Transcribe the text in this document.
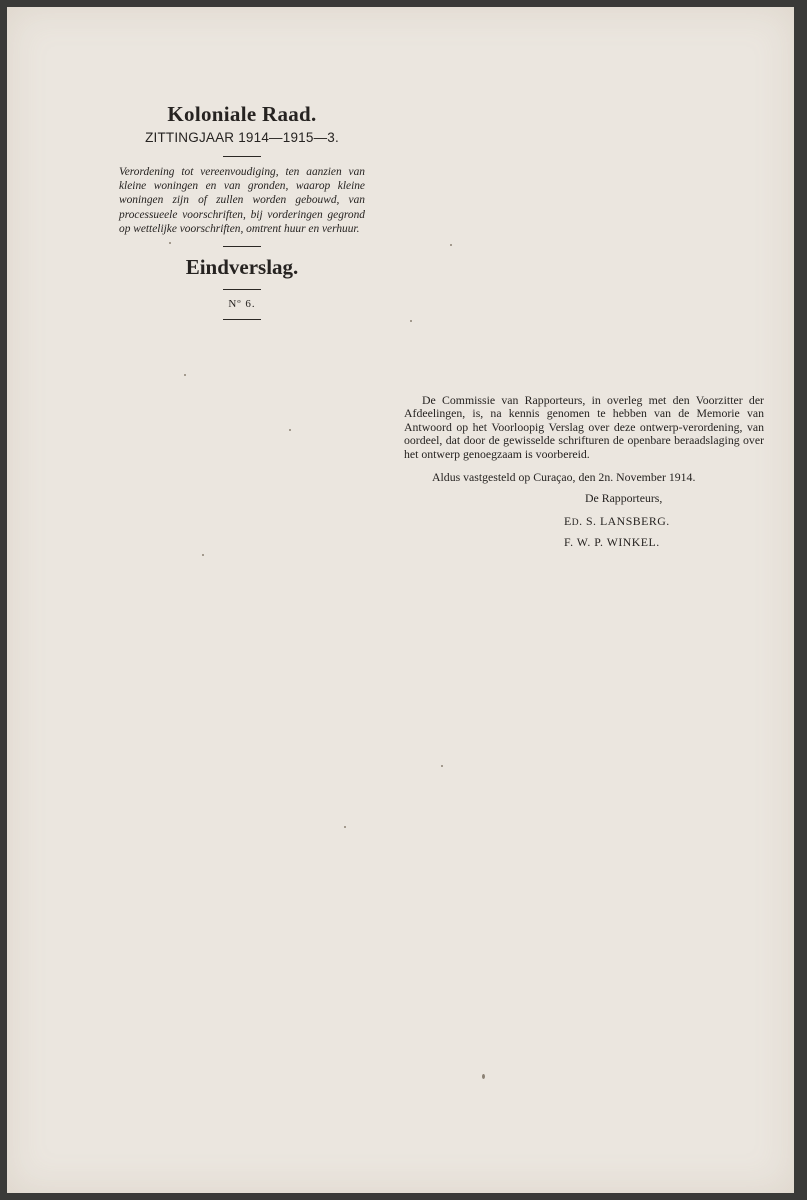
Koloniale Raad.
ZITTINGJAAR 1914—1915—3.

Verordening tot vereenvoudiging, ten aanzien van kleine woningen en van gronden, waarop kleine woningen zijn of zullen worden gebouwd, van processueele voorschriften, bij vorderingen gegrond op wettelijke voorschriften, omtrent huur en verhuur.

Eindverslag.
Nº 6.

De Commissie van Rapporteurs, in overleg met den Voorzitter der Afdeelingen, is, na kennis genomen te hebben van de Memorie van Antwoord op het Voorloopig Verslag over deze ontwerp-verordening, van oordeel, dat door de gewisselde schrifturen de openbare beraadslaging over het ontwerp genoegzaam is voorbereid.

Aldus vastgesteld op Curaçao, den 2n. November 1914.

De Rapporteurs,

ED. S. LANSBERG.

F. W. P. WINKEL.
